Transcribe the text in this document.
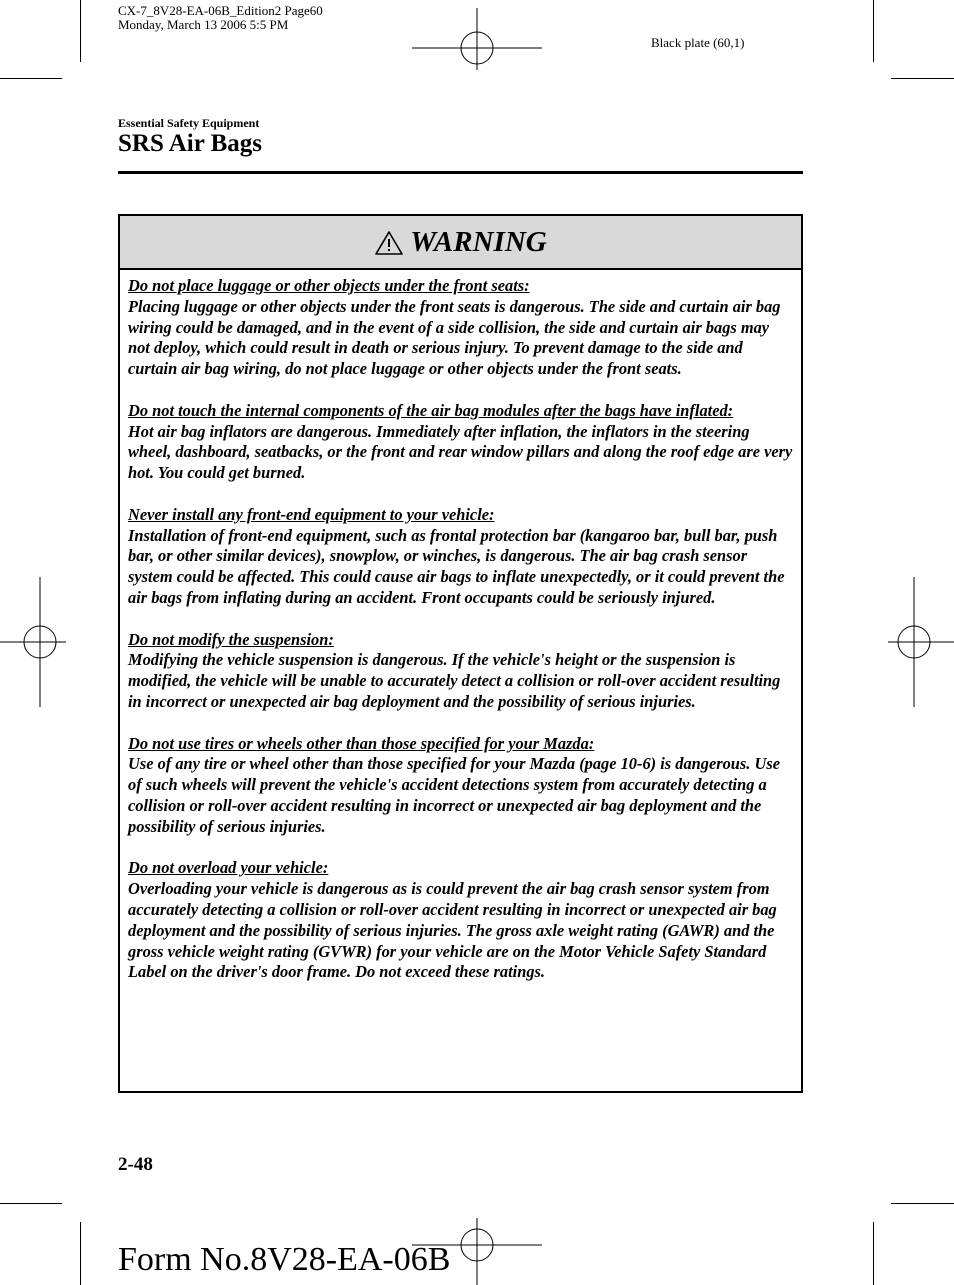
CX-7_8V28-EA-06B_Edition2 Page60
Monday, March 13 2006 5:5 PM
Black plate (60,1)
Essential Safety Equipment
SRS Air Bags
WARNING
Do not place luggage or other objects under the front seats:
Placing luggage or other objects under the front seats is dangerous. The side and curtain air bag wiring could be damaged, and in the event of a side collision, the side and curtain air bags may not deploy, which could result in death or serious injury. To prevent damage to the side and curtain air bag wiring, do not place luggage or other objects under the front seats.
Do not touch the internal components of the air bag modules after the bags have inflated:
Hot air bag inflators are dangerous. Immediately after inflation, the inflators in the steering wheel, dashboard, seatbacks, or the front and rear window pillars and along the roof edge are very hot. You could get burned.
Never install any front-end equipment to your vehicle:
Installation of front-end equipment, such as frontal protection bar (kangaroo bar, bull bar, push bar, or other similar devices), snowplow, or winches, is dangerous. The air bag crash sensor system could be affected. This could cause air bags to inflate unexpectedly, or it could prevent the air bags from inflating during an accident. Front occupants could be seriously injured.
Do not modify the suspension:
Modifying the vehicle suspension is dangerous. If the vehicle's height or the suspension is modified, the vehicle will be unable to accurately detect a collision or roll-over accident resulting in incorrect or unexpected air bag deployment and the possibility of serious injuries.
Do not use tires or wheels other than those specified for your Mazda:
Use of any tire or wheel other than those specified for your Mazda (page 10-6) is dangerous. Use of such wheels will prevent the vehicle's accident detections system from accurately detecting a collision or roll-over accident resulting in incorrect or unexpected air bag deployment and the possibility of serious injuries.
Do not overload your vehicle:
Overloading your vehicle is dangerous as is could prevent the air bag crash sensor system from accurately detecting a collision or roll-over accident resulting in incorrect or unexpected air bag deployment and the possibility of serious injuries. The gross axle weight rating (GAWR) and the gross vehicle weight rating (GVWR) for your vehicle are on the Motor Vehicle Safety Standard Label on the driver's door frame. Do not exceed these ratings.
2-48
Form No.8V28-EA-06B
